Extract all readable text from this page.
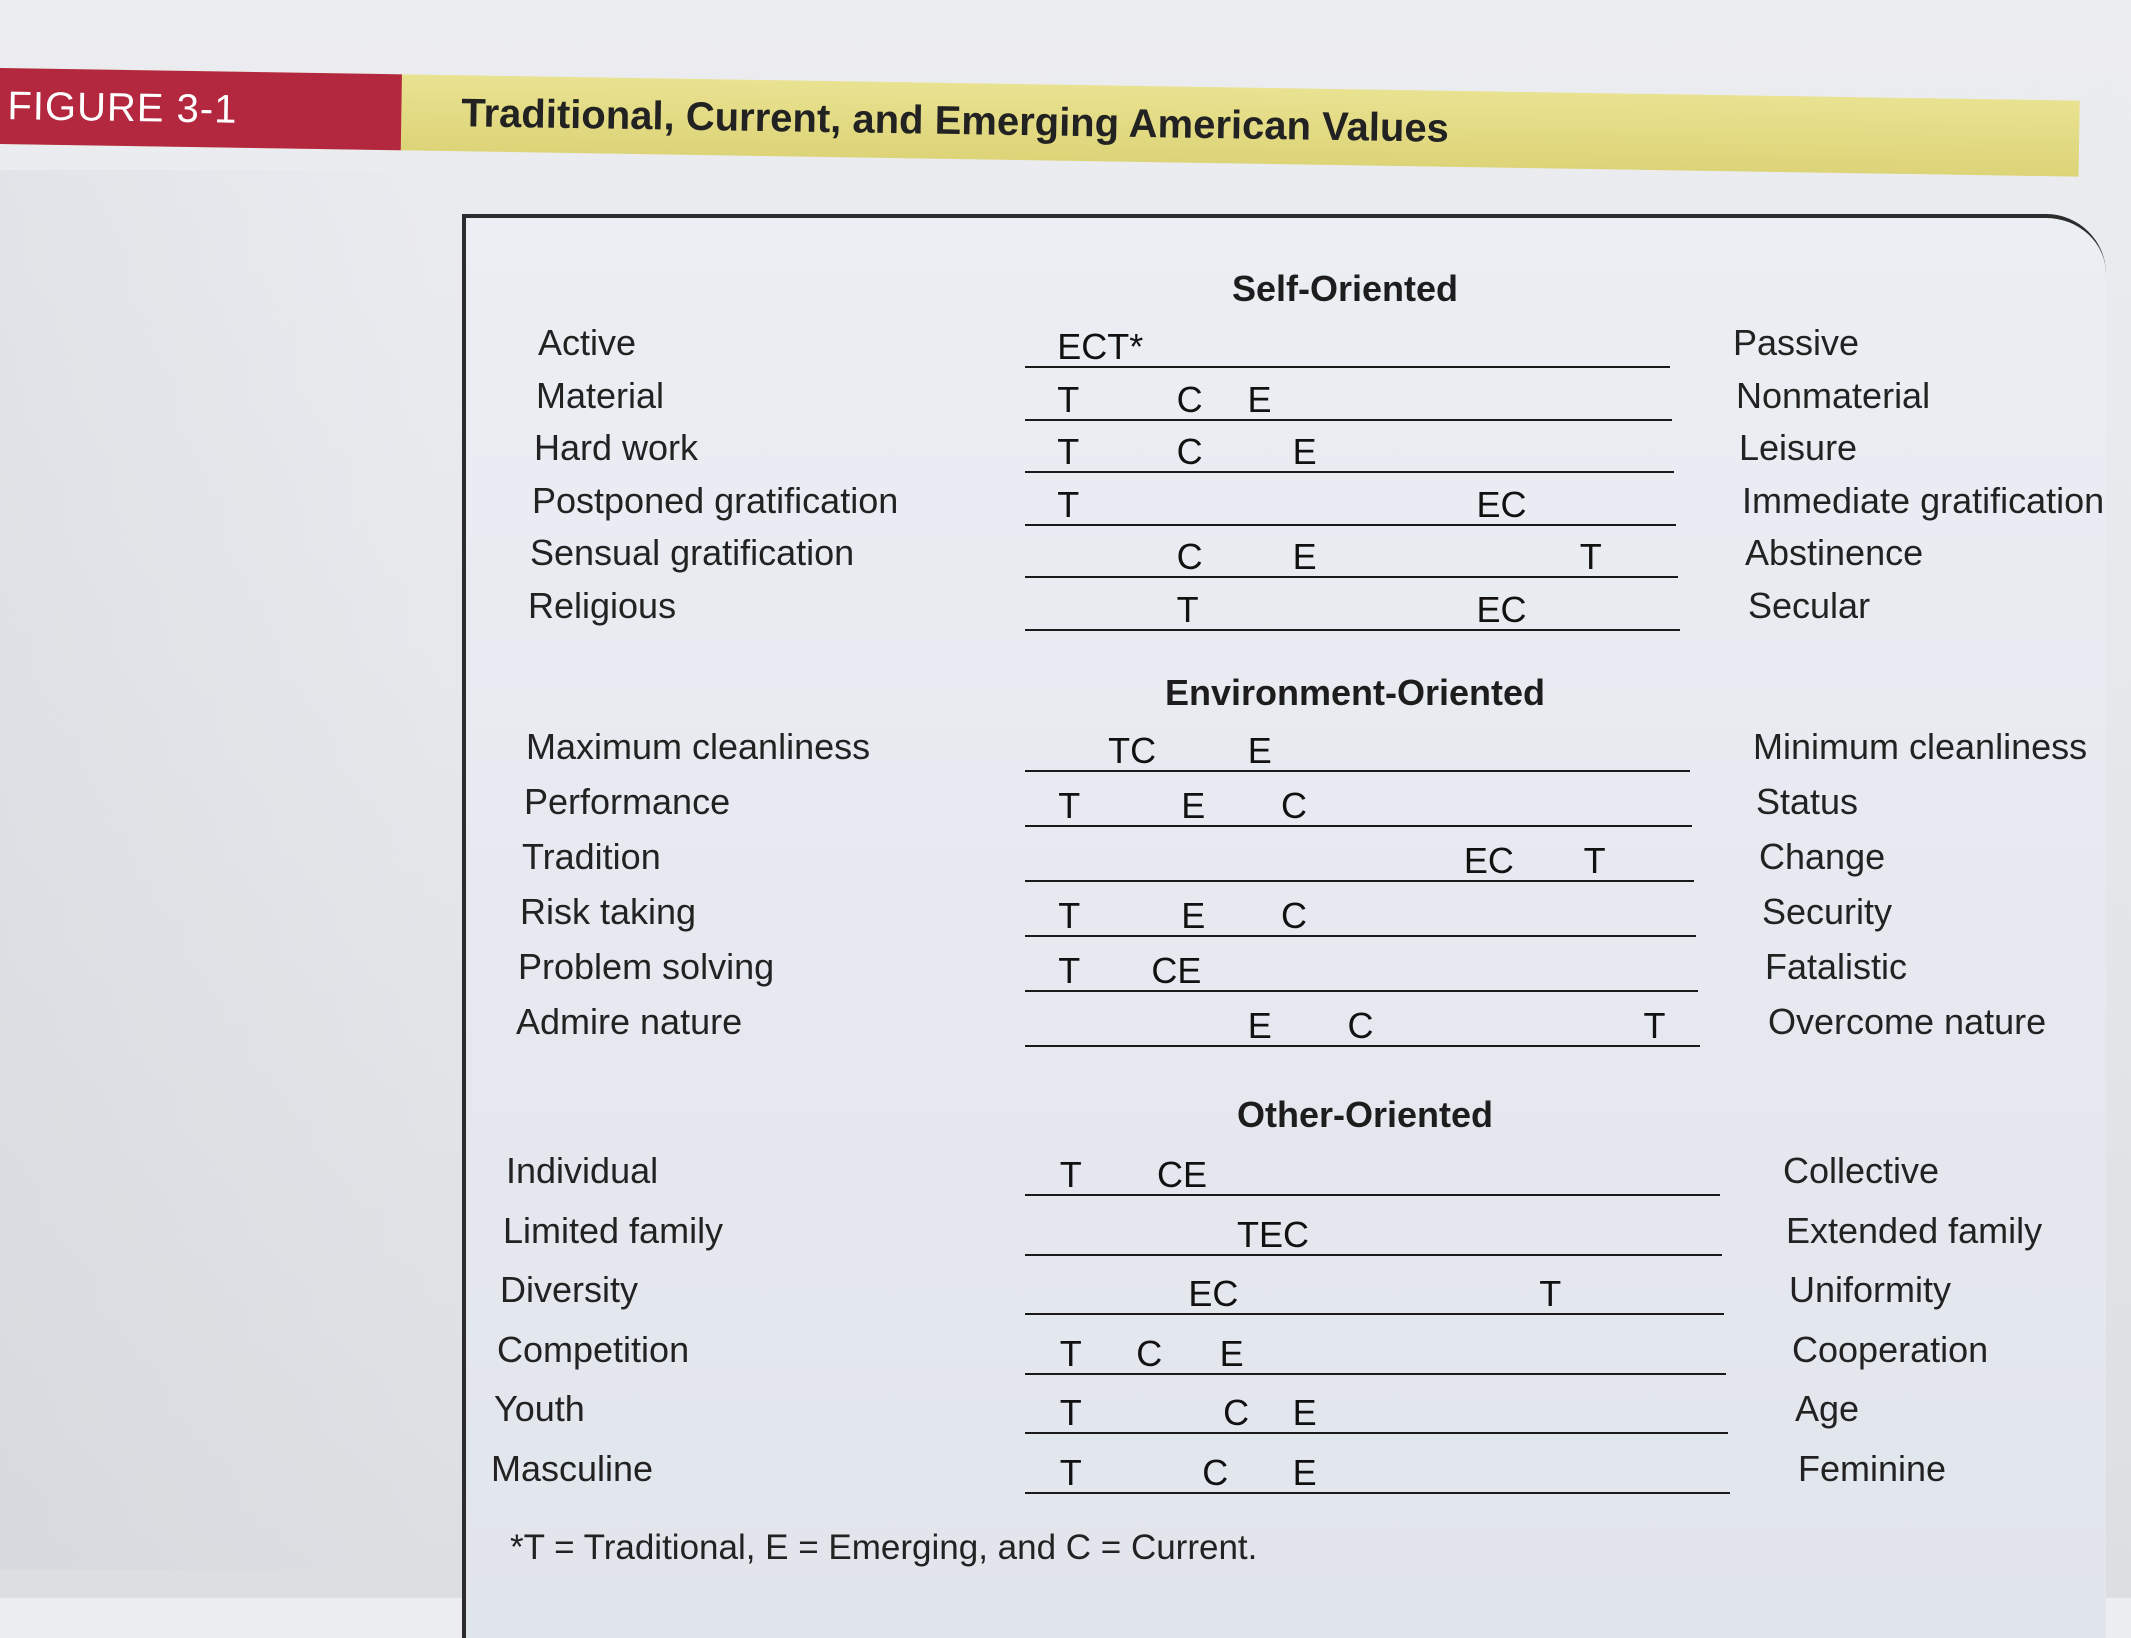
FIGURE 3-1	Traditional, Current, and Emerging American Values
Self-Oriented
Active	ECT*	Passive
Material	T	C E	Nonmaterial
Hard work	T	C	E	Leisure
Postponed gratification	T	EC	Immediate gratification
Sensual gratification	C	E	T	Abstinence
Religious	T	EC	Secular
Environment-Oriented
Maximum cleanliness	TC	E	Minimum cleanliness
Performance	T	E C	Status
Tradition	EC T	Change
Risk taking	T	E C	Security
Problem solving	T CE	Fatalistic
Admire nature	E C	T	Overcome nature
Other-Oriented
Individual	T CE	Collective
Limited family	TEC	Extended family
Diversity	EC	T	Uniformity
Competition	T C E	Cooperation
Youth	T	C E	Age
Masculine	T	C E	Feminine
*T = Traditional, E = Emerging, and C = Current.
